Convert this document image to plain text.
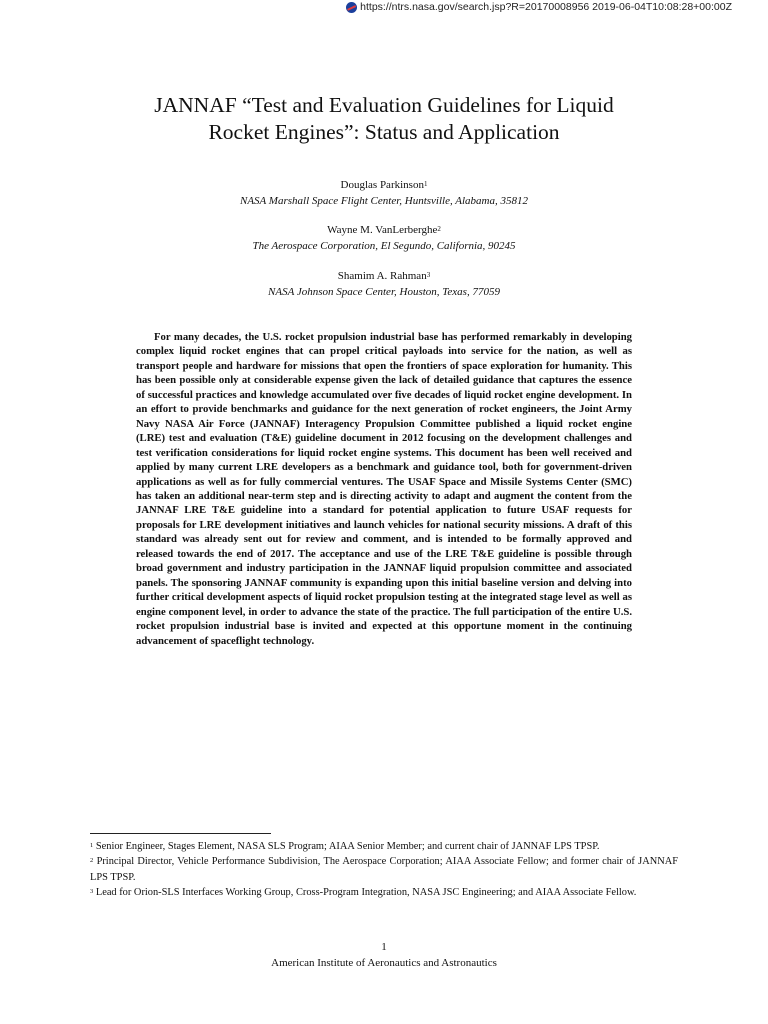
https://ntrs.nasa.gov/search.jsp?R=20170008956 2019-06-04T10:08:28+00:00Z
JANNAF “Test and Evaluation Guidelines for Liquid
Rocket Engines”: Status and Application
Douglas Parkinson$^1$
NASA Marshall Space Flight Center, Huntsville, Alabama, 35812
Wayne M. VanLerberghe$^2$
The Aerospace Corporation, El Segundo, California, 90245
Shamim A. Rahman$^3$
NASA Johnson Space Center, Houston, Texas, 77059

For many decades, the U.S. rocket propulsion industrial base has performed remarkably in developing complex liquid rocket engines that can propel critical payloads into service for the nation, as well as transport people and hardware for missions that open the frontiers of space exploration for humanity. This has been possible only at considerable expense given the lack of detailed guidance that captures the essence of successful practices and knowledge accumulated over five decades of liquid rocket engine development. In an effort to provide benchmarks and guidance for the next generation of rocket engineers, the Joint Army Navy NASA Air Force (JANNAF) Interagency Propulsion Committee published a liquid rocket engine (LRE) test and evaluation (T&E) guideline document in 2012 focusing on the development challenges and test verification considerations for liquid rocket engine systems. This document has been well received and applied by many current LRE developers as a benchmark and guidance tool, both for government-driven applications as well as for fully commercial ventures. The USAF Space and Missile Systems Center (SMC) has taken an additional near-term step and is directing activity to adapt and augment the content from the JANNAF LRE T&E guideline into a standard for potential application to future USAF requests for proposals for LRE development initiatives and launch vehicles for national security missions. A draft of this standard was already sent out for review and comment, and is intended to be formally approved and released towards the end of 2017. The acceptance and use of the LRE T&E guideline is possible through broad government and industry participation in the JANNAF liquid propulsion committee and associated panels. The sponsoring JANNAF community is expanding upon this initial baseline version and delving into further critical development aspects of liquid rocket propulsion testing at the integrated stage level as well as engine component level, in order to advance the state of the practice. The full participation of the entire U.S. rocket propulsion industrial base is invited and expected at this opportune moment in the continuing advancement of spaceflight technology.

$^1$ Senior Engineer, Stages Element, NASA SLS Program; AIAA Senior Member; and current chair of JANNAF LPS TPSP.

$^2$ Principal Director, Vehicle Performance Subdivision, The Aerospace Corporation; AIAA Associate Fellow; and former chair of JANNAF LPS TPSP.

$^3$ Lead for Orion-SLS Interfaces Working Group, Cross-Program Integration, NASA JSC Engineering; and AIAA Associate Fellow.

1
American Institute of Aeronautics and Astronautics
